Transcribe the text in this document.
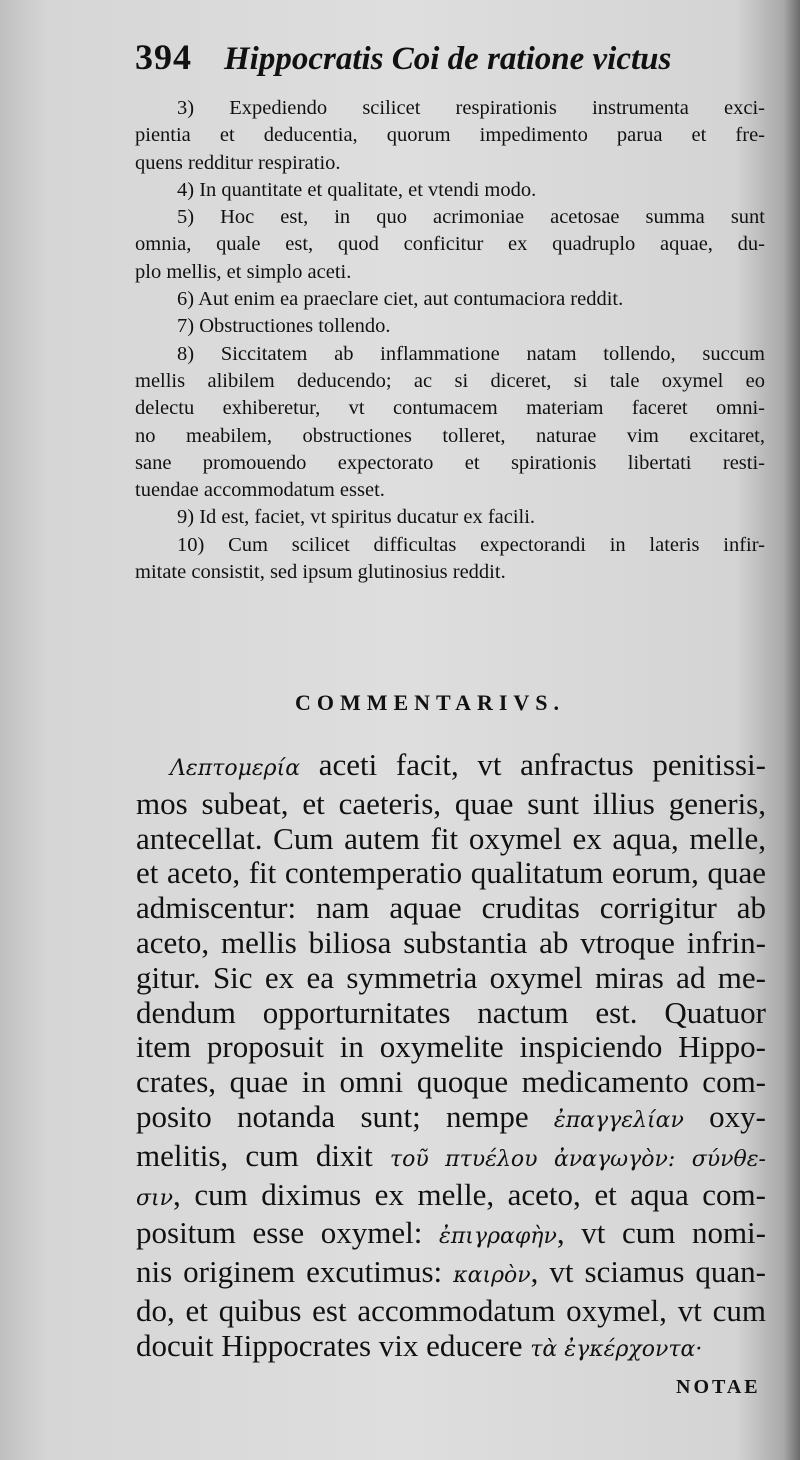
394 Hippocratis Coi de ratione victus
3) Expediendo scilicet respirationis instrumenta exci-
pientia et deducentia, quorum impedimento parua et fre-
quens redditur respiratio.
4) In quantitate et qualitate, et vtendi modo.
5) Hoc est, in quo acrimoniae acetosae summa sunt
omnia, quale est, quod conficitur ex quadruplo aquae, du-
plo mellis, et simplo aceti.
6) Aut enim ea praeclare ciet, aut contumaciora reddit.
7) Obstructiones tollendo.
8) Siccitatem ab inflammatione natam tollendo, succum
mellis alibilem deducendo; ac si diceret, si tale oxymel eo
delectu exhiberetur, vt contumacem materiam faceret omni-
no meabilem, obstructiones tolleret, naturae vim excitaret,
sane promouendo expectorato et spirationis libertati resti-
tuendae accommodatum esset.
9) Id est, faciet, vt spiritus ducatur ex facili.
10) Cum scilicet difficultas expectorandi in lateris infir-
mitate consistit, sed ipsum glutinosius reddit.
COMMENTARIVS.
Λεπτομερία aceti facit, vt anfractus penitissi-
mos subeat, et caeteris, quae sunt illius generis,
antecellat. Cum autem fit oxymel ex aqua, melle,
et aceto, fit contemperatio qualitatum eorum, quae
admiscentur: nam aquae cruditas corrigitur ab
aceto, mellis biliosa substantia ab vtroque infrin-
gitur. Sic ex ea symmetria oxymel miras ad me-
dendum opporturnitates nactum est. Quatuor
item proposuit in oxymelite inspiciendo Hippo-
crates, quae in omni quoque medicamento com-
posito notanda sunt; nempe ἐπαγγελίαν oxy-
melitis, cum dixit τοῦ πτυέλου ἀναγωγὸν: σύνθε-
σιν, cum diximus ex melle, aceto, et aqua com-
positum esse oxymel: ἐπιγραφὴν, vt cum nomi-
nis originem excutimus: καιρὸν, vt sciamus quan-
do, et quibus est accommodatum oxymel, vt cum
docuit Hippocrates vix educere τὰ ἐγκέρχοντα·
NOTAE
